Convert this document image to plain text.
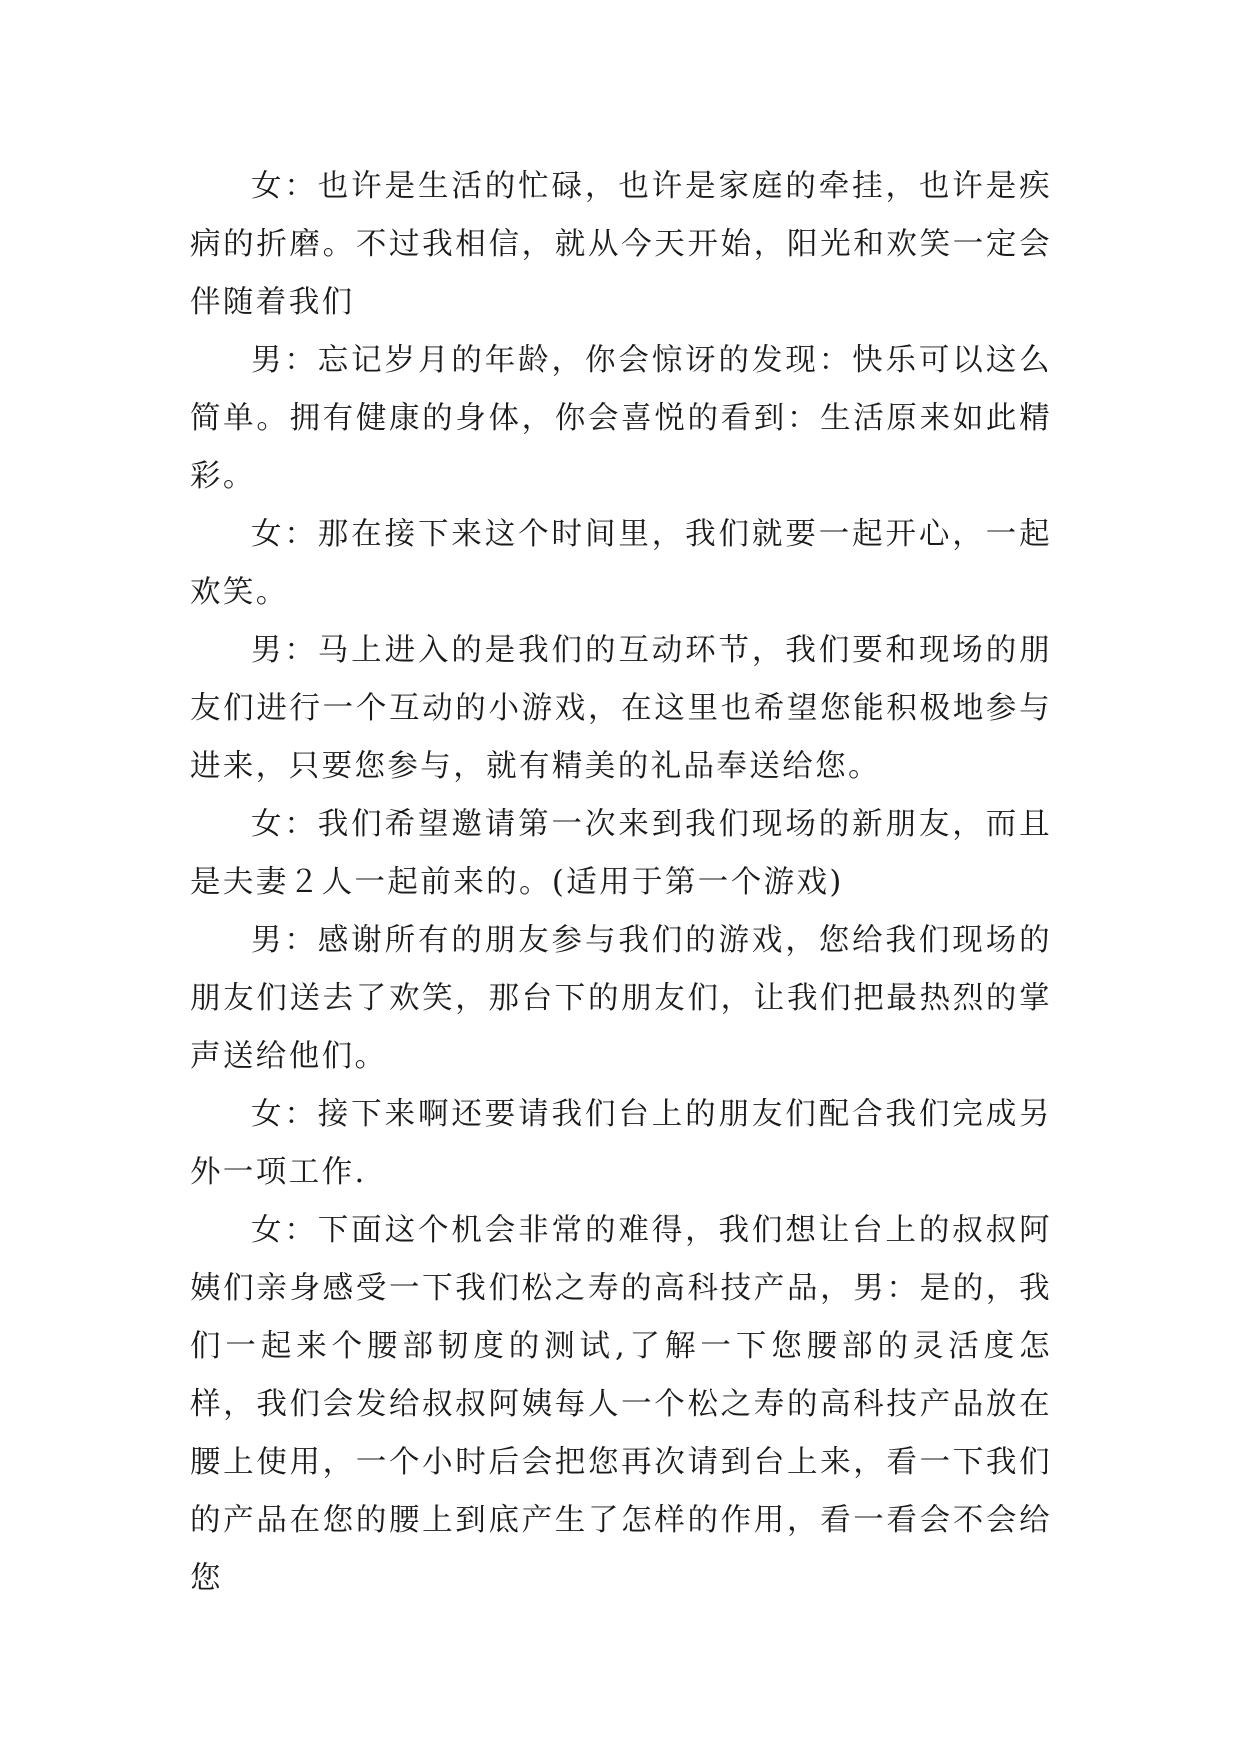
女：也许是生活的忙碌，也许是家庭的牵挂，也许是疾病的折磨。不过我相信，就从今天开始，阳光和欢笑一定会伴随着我们

男：忘记岁月的年龄，你会惊讶的发现：快乐可以这么简单。拥有健康的身体，你会喜悦的看到：生活原来如此精彩。

女：那在接下来这个时间里，我们就要一起开心，一起欢笑。

男：马上进入的是我们的互动环节，我们要和现场的朋友们进行一个互动的小游戏，在这里也希望您能积极地参与进来，只要您参与，就有精美的礼品奉送给您。

女：我们希望邀请第一次来到我们现场的新朋友，而且是夫妻２人一起前来的。(适用于第一个游戏)

男：感谢所有的朋友参与我们的游戏，您给我们现场的朋友们送去了欢笑，那台下的朋友们，让我们把最热烈的掌声送给他们。

女：接下来啊还要请我们台上的朋友们配合我们完成另外一项工作.

女：下面这个机会非常的难得，我们想让台上的叔叔阿姨们亲身感受一下我们松之寿的高科技产品，男：是的，我们一起来个腰部韧度的测试,了解一下您腰部的灵活度怎样，我们会发给叔叔阿姨每人一个松之寿的高科技产品放在腰上使用，一个小时后会把您再次请到台上来，看一下我们的产品在您的腰上到底产生了怎样的作用，看一看会不会给您
